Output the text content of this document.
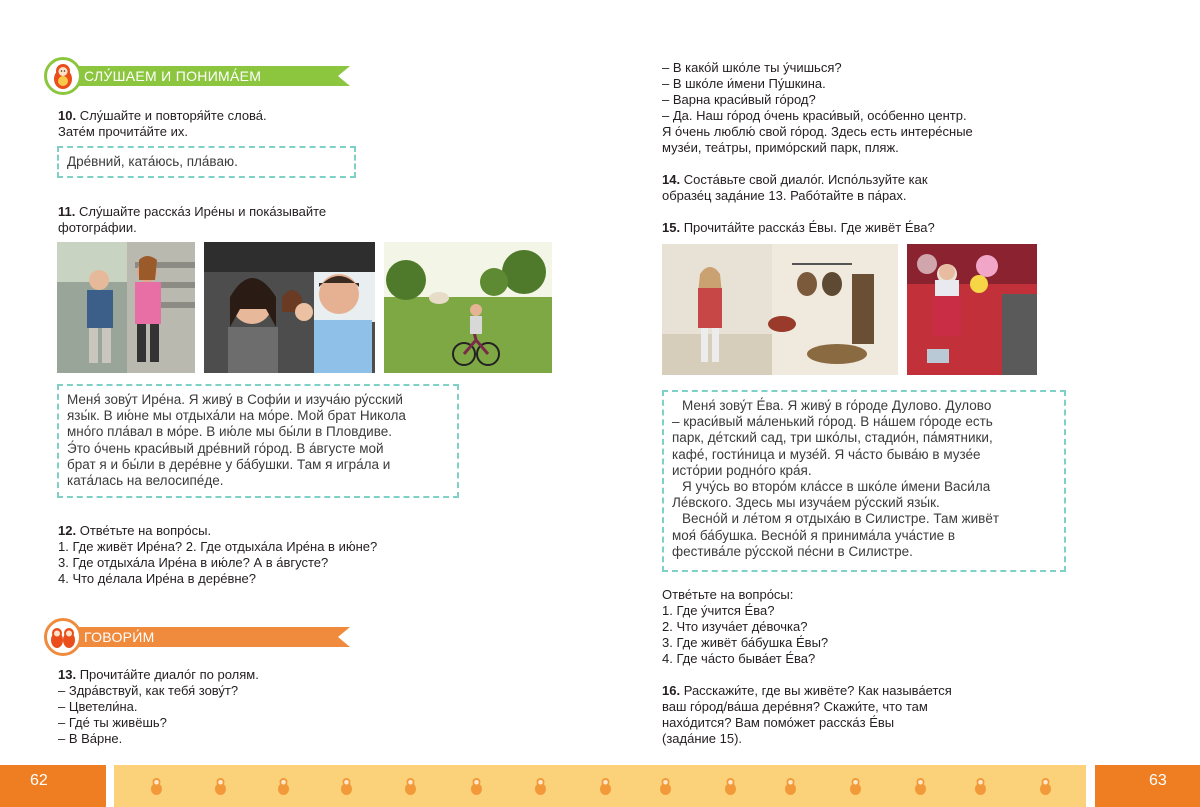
СЛУ́ШАЕМ И ПОНИМА́ЕМ
10. Слу́шайте и повторя́йте слова́.
Зате́м прочита́йте их.
Дре́вний, ката́юсь, пла́ваю.
11. Слу́шайте расска́з Ире́ны и пока́зывайте
фотогра́фии.
Меня́ зову́т Ире́на. Я живу́ в Софи́и и изуча́ю ру́сский
язы́к. В ию́не мы отдыха́ли на мо́ре. Мой брат Никола
мно́го пла́вал в мо́ре. В ию́ле мы бы́ли в Пловдиве.
Э́то о́чень краси́вый дре́вний го́род. В а́вгусте мой
брат я и бы́ли в дере́вне у ба́бушки. Там я игра́ла и
ката́лась на велосипе́де.
12. Отве́тьте на вопро́сы.
1. Где живёт Ире́на? 2. Где отдыха́ла Ире́на в ию́не?
3. Где отдыха́ла Ире́на в ию́ле? А в а́вгусте?
4. Что де́лала Ире́на в дере́вне?
ГОВОРИ́М
13. Прочита́йте диало́г по ролям.
– Здра́вствуй, как тебя́ зову́т?
– Цветели́на.
– Где́ ты живёшь?
– В Ва́рне.
– В како́й шко́ле ты у́чишься?
– В шко́ле и́мени Пу́шкина.
– Варна краси́вый го́род?
– Да. Наш го́род о́чень краси́вый, осо́бенно центр.
Я о́чень люблю́ свой го́род. Здесь есть интере́сные
музе́и, теа́тры, примо́рский парк, пляж.
14. Соста́вьте свой диало́г. Испо́льзуйте как
образе́ц зада́ние 13. Рабо́тайте в па́рах.
15. Прочита́йте расска́з Е́вы. Где живёт Е́ва?
Меня́ зову́т Е́ва. Я живу́ в го́роде Дулово. Дулово
– краси́вый ма́ленький го́род. В на́шем го́роде есть
парк, де́тский сад, три шко́лы, стадио́н, па́мятники,
кафе́, гости́ница и музе́й. Я ча́сто быва́ю в музе́е
исто́рии родно́го кра́я.
Я учу́сь во второ́м кла́ссе в шко́ле и́мени Васи́ла
Ле́вского. Здесь мы изуча́ем ру́сский язы́к.
Весно́й и ле́том я отдыха́ю в Силистре. Там живёт
моя́ ба́бушка. Весно́й я принима́ла уча́стие в
фестива́ле ру́сской пе́сни в Силистре.
Отве́тьте на вопро́сы:
1. Где у́чится Е́ва?
2. Что изуча́ет де́вочка?
3. Где живёт ба́бушка Е́вы?
4. Где ча́сто быва́ет Е́ва?
16. Расскажи́те, где вы живёте? Как называ́ется
ваш го́род/ва́ша дере́вня? Скажи́те, что там
нахо́дится? Вам помо́жет расска́з Е́вы
(зада́ние 15).
62	63
